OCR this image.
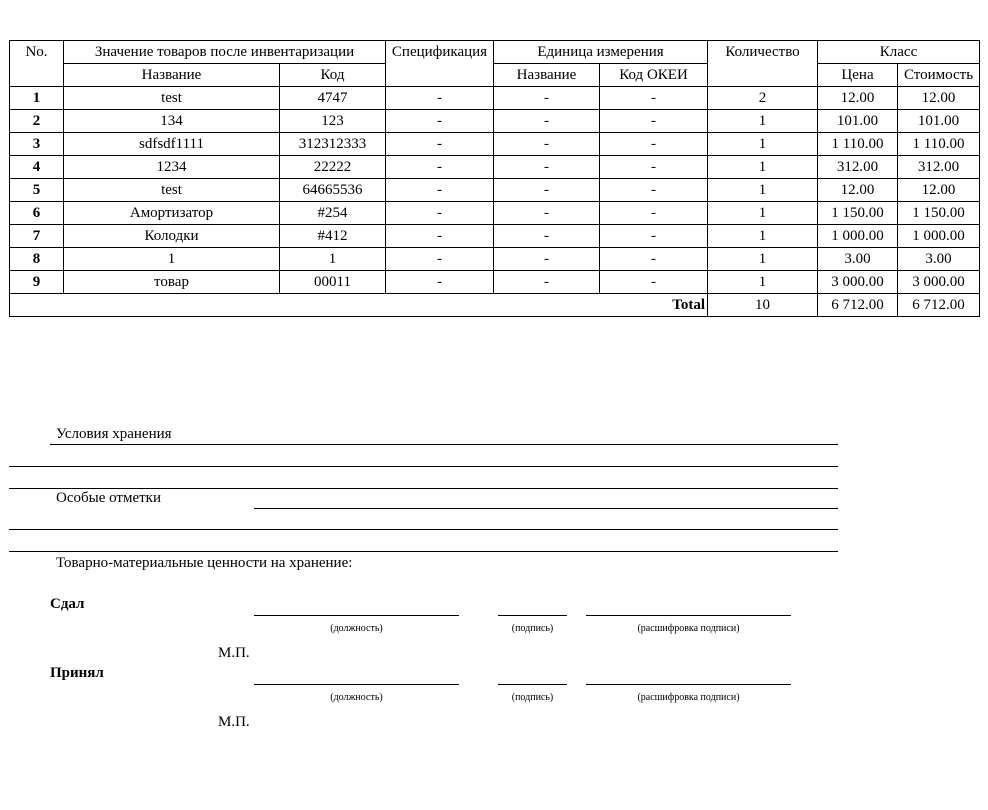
No.	Значение товаров после инвентаризации		Спецификация	Единица измерения		Количество	Класс	
	Название	Код		Название	Код ОКЕИ		Цена	Стоимость
1	test	4747	-	-	-	2	12.00	12.00
2	134	123	-	-	-	1	101.00	101.00
3	sdfsdf1111	312312333	-	-	-	1	1 110.00	1 110.00
4	1234	22222	-	-	-	1	312.00	312.00
5	test	64665536	-	-	-	1	12.00	12.00
6	Амортизатор	#254	-	-	-	1	1 150.00	1 150.00
7	Колодки	#412	-	-	-	1	1 000.00	1 000.00
8	1	1	-	-	-	1	3.00	3.00
9	товар	00011	-	-	-	1	3 000.00	3 000.00
Total						10	6 712.00	6 712.00
Условия хранения
Особые отметки
Товарно-материальные ценности на хранение:
Сдал
(должность)	(подпись)	(расшифровка подписи)
М.П.
Принял
(должность)	(подпись)	(расшифровка подписи)
М.П.
